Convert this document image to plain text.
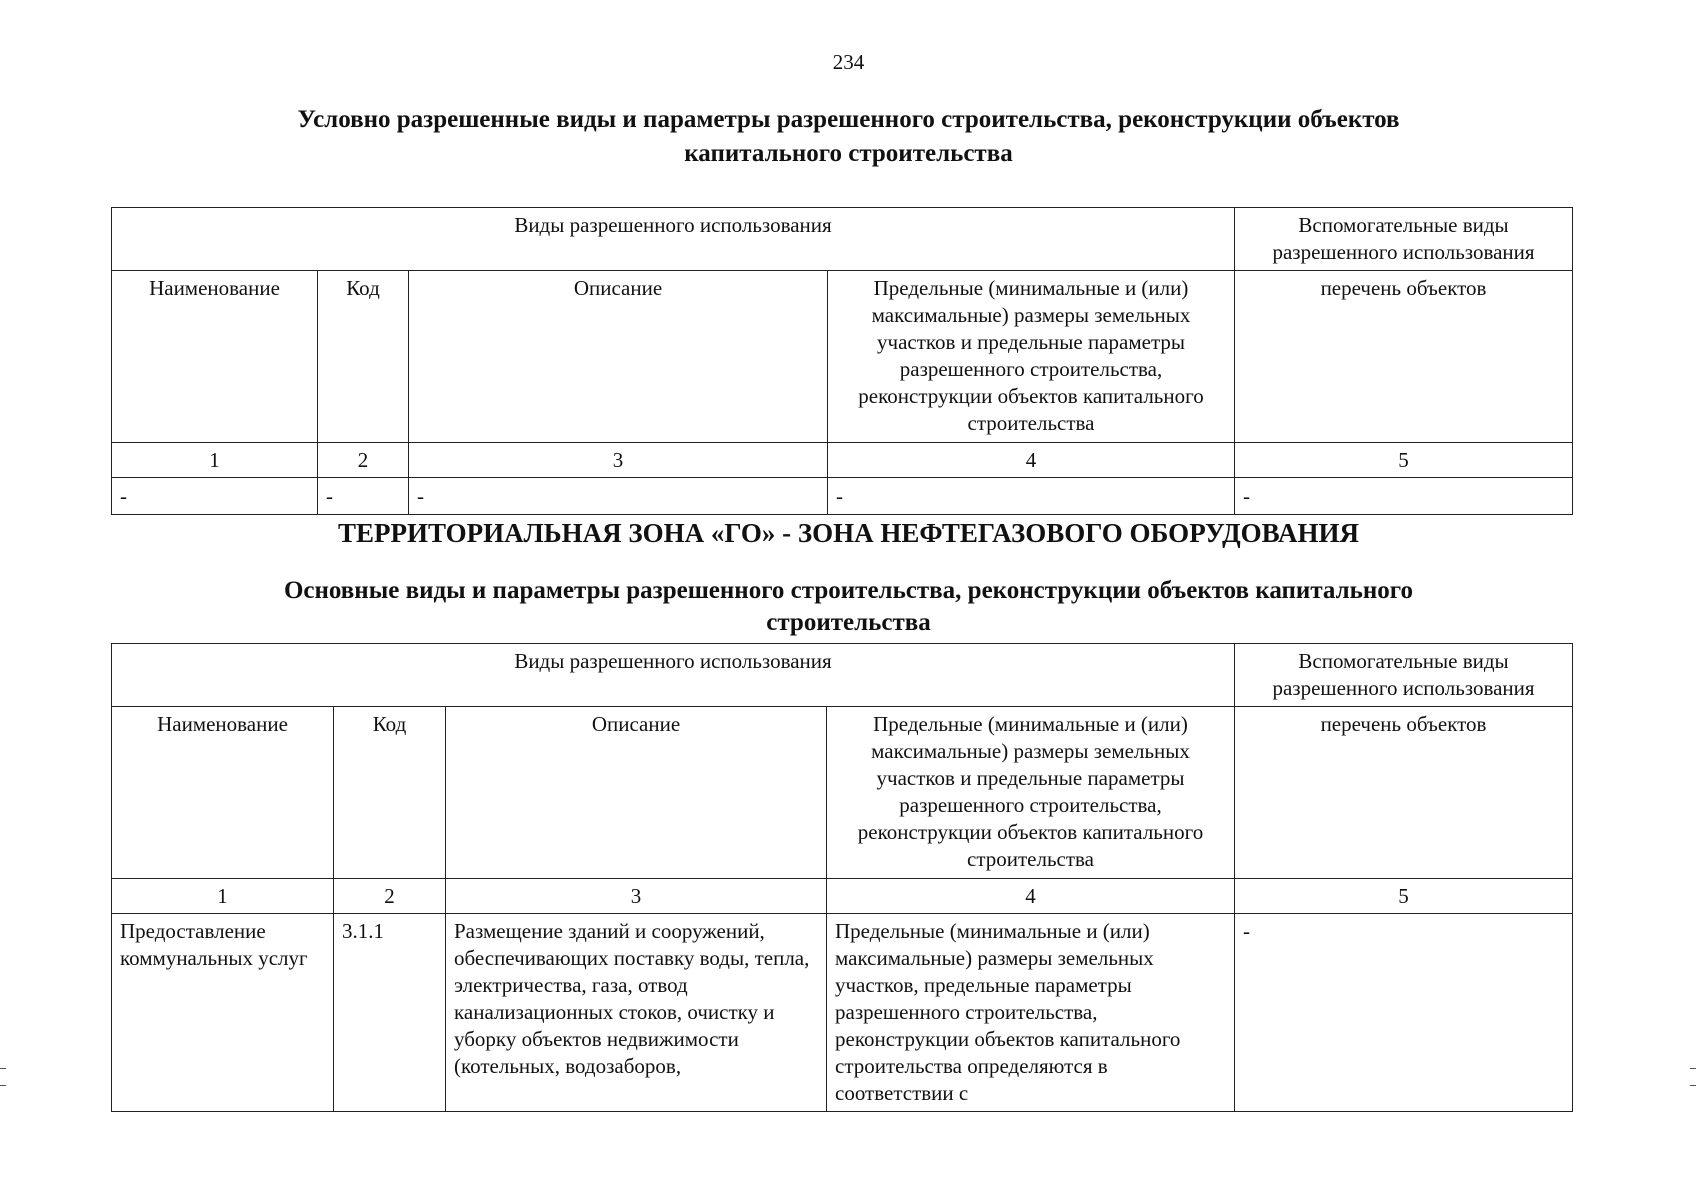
234
Условно разрешенные виды и параметры разрешенного строительства, реконструкции объектов
капитального строительства
Виды разрешенного использования				Вспомогательные виды разрешенного использования
Наименование	Код	Описание	Предельные (минимальные и (или) максимальные) размеры земельных участков и предельные параметры разрешенного строительства, реконструкции объектов капитального строительства	перечень объектов
1	2	3	4	5
-	-	-	-	-
ТЕРРИТОРИАЛЬНАЯ ЗОНА «ГО» - ЗОНА НЕФТЕГАЗОВОГО ОБОРУДОВАНИЯ
Основные виды и параметры разрешенного строительства, реконструкции объектов капитального
строительства
Виды разрешенного использования				Вспомогательные виды разрешенного использования
Наименование	Код	Описание	Предельные (минимальные и (или) максимальные) размеры земельных участков и предельные параметры разрешенного строительства, реконструкции объектов капитального строительства	перечень объектов
1	2	3	4	5
Предоставление коммунальных услуг	3.1.1	Размещение зданий и сооружений, обеспечивающих поставку воды, тепла, электричества, газа, отвод канализационных стоков, очистку и уборку объектов недвижимости (котельных, водозаборов,	Предельные (минимальные и (или) максимальные) размеры земельных участков, предельные параметры разрешенного строительства, реконструкции объектов капитального строительства определяются в соответствии с	-
